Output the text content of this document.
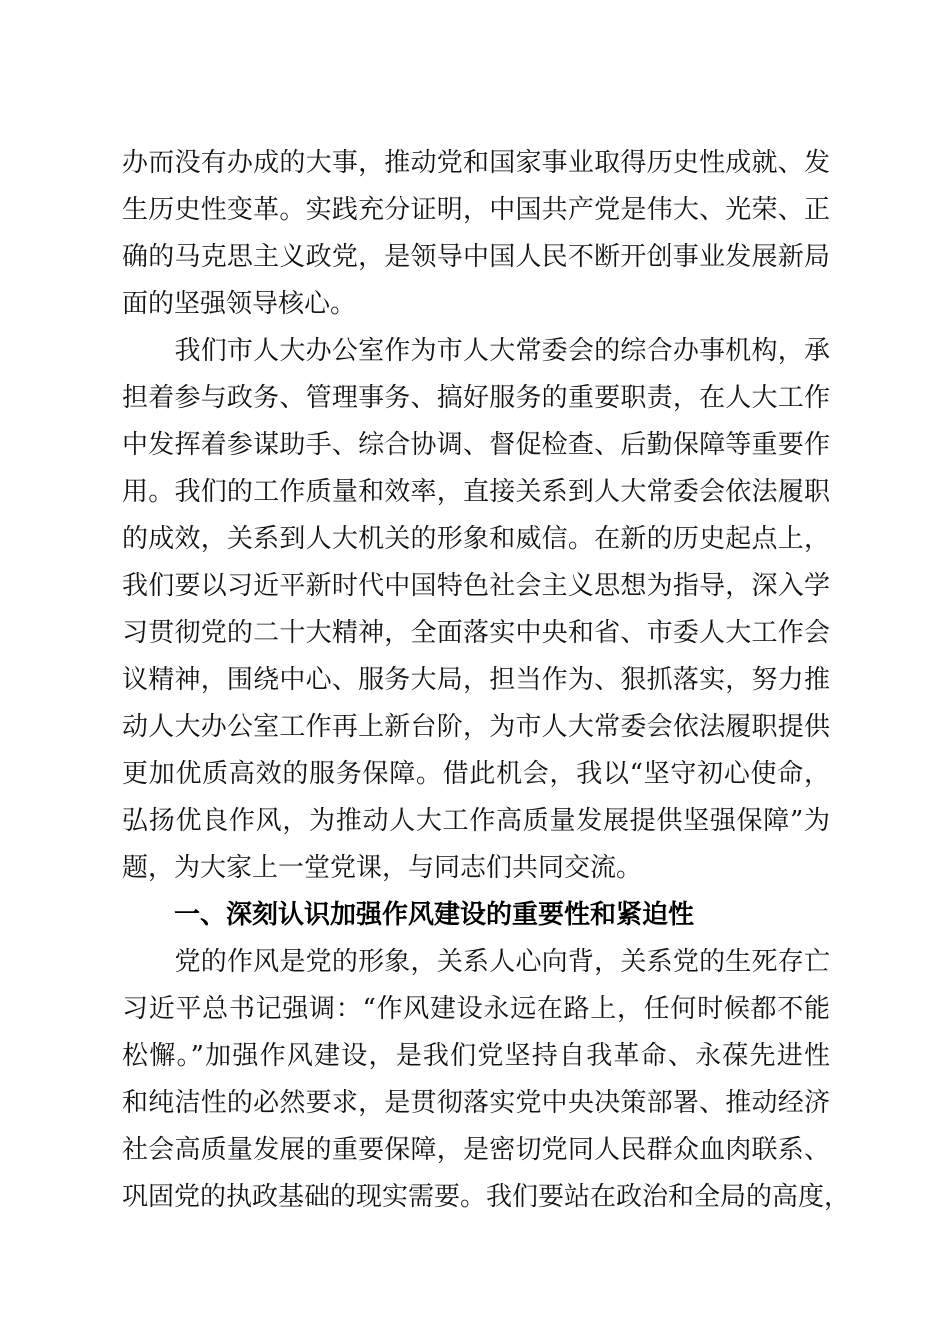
办而没有办成的大事，推动党和国家事业取得历史性成就、发
生历史性变革。实践充分证明，中国共产党是伟大、光荣、正
确的马克思主义政党，是领导中国人民不断开创事业发展新局
面的坚强领导核心。
　　我们市人大办公室作为市人大常委会的综合办事机构，承
担着参与政务、管理事务、搞好服务的重要职责，在人大工作
中发挥着参谋助手、综合协调、督促检查、后勤保障等重要作
用。我们的工作质量和效率，直接关系到人大常委会依法履职
的成效，关系到人大机关的形象和威信。在新的历史起点上，
我们要以习近平新时代中国特色社会主义思想为指导，深入学
习贯彻党的二十大精神，全面落实中央和省、市委人大工作会
议精神，围绕中心、服务大局，担当作为、狠抓落实，努力推
动人大办公室工作再上新台阶，为市人大常委会依法履职提供
更加优质高效的服务保障。借此机会，我以“坚守初心使命，
弘扬优良作风，为推动人大工作高质量发展提供坚强保障”为
题，为大家上一堂党课，与同志们共同交流。
　　一、深刻认识加强作风建设的重要性和紧迫性
　　党的作风是党的形象，关系人心向背，关系党的生死存亡
习近平总书记强调：“作风建设永远在路上，任何时候都不能
松懈。”加强作风建设，是我们党坚持自我革命、永葆先进性
和纯洁性的必然要求，是贯彻落实党中央决策部署、推动经济
社会高质量发展的重要保障，是密切党同人民群众血肉联系、
巩固党的执政基础的现实需要。我们要站在政治和全局的高度，
